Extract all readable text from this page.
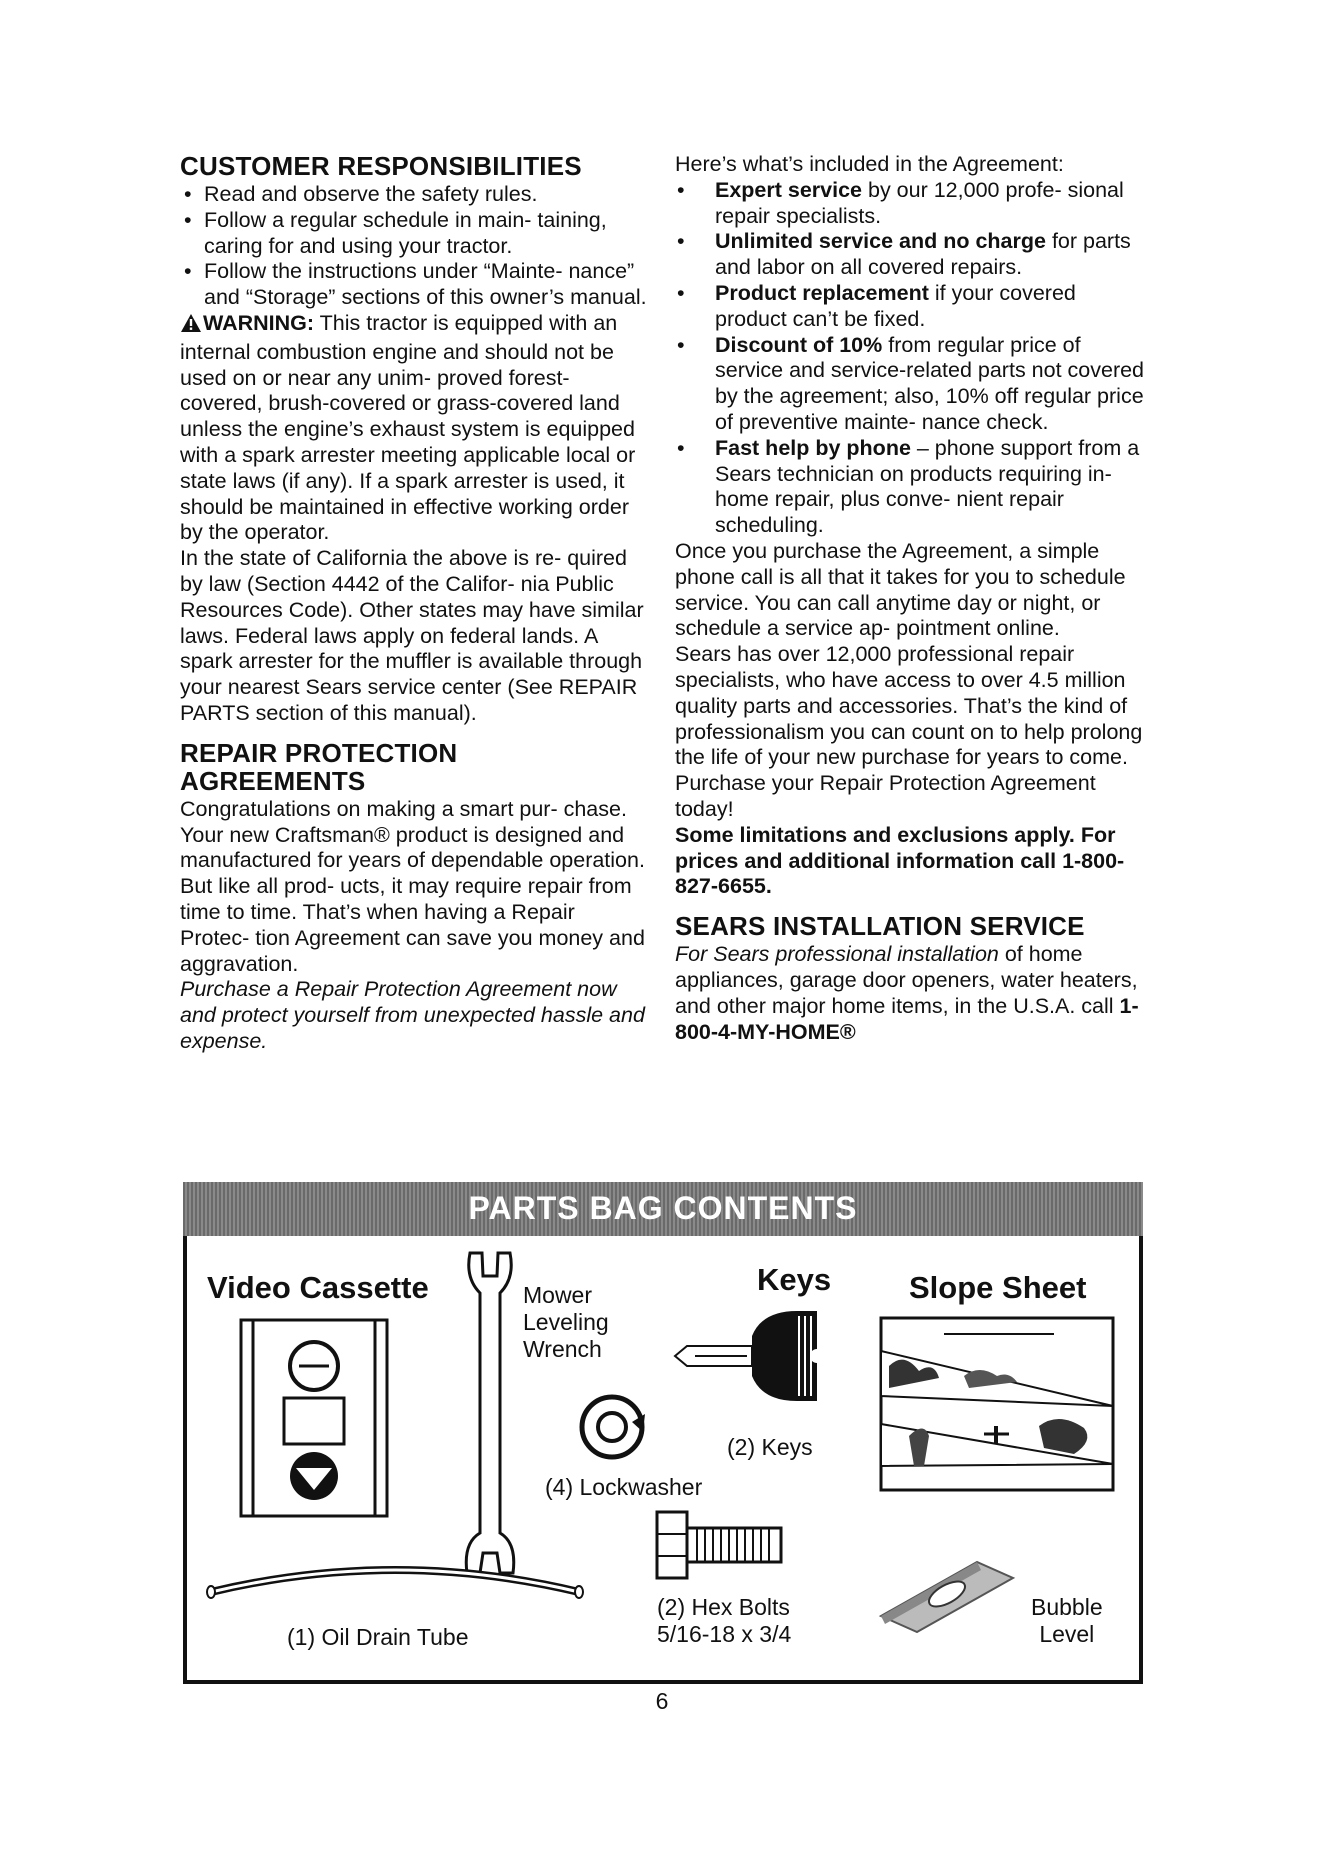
CUSTOMER RESPONSIBILITIES
• Read and observe the safety rules.
• Follow a regular schedule in main- taining, caring for and using your tractor.
• Follow the instructions under “Mainte- nance” and “Storage” sections of this owner’s manual.

WARNING: This tractor is equipped with an internal combustion engine and should not be used on or near any unim- proved forest-covered, brush-covered or grass-covered land unless the engine’s exhaust system is equipped with a spark arrester meeting applicable local or state laws (if any). If a spark arrester is used, it should be maintained in effective working order by the operator.

In the state of California the above is re- quired by law (Section 4442 of the Califor- nia Public Resources Code). Other states may have similar laws. Federal laws apply on federal lands. A spark arrester for the muffler is available through your nearest Sears service center (See REPAIR PARTS section of this manual).

REPAIR PROTECTION
AGREEMENTS

Congratulations on making a smart pur- chase. Your new Craftsman® product is designed and manufactured for years of dependable operation. But like all prod- ucts, it may require repair from time to time. That’s when having a Repair Protec- tion Agreement can save you money and aggravation.

Purchase a Repair Protection Agreement now and protect yourself from unexpected hassle and expense.

Here’s what’s included in the Agreement:

• Expert service by our 12,000 profe- sional repair specialists.
• Unlimited service and no charge for parts and labor on all covered repairs.
• Product replacement if your covered product can’t be fixed.
• Discount of 10% from regular price of service and service-related parts not covered by the agreement; also, 10% off regular price of preventive mainte- nance check.
• Fast help by phone – phone support from a Sears technician on products requiring in-home repair, plus conve- nient repair scheduling.

Once you purchase the Agreement, a simple phone call is all that it takes for you to schedule service. You can call anytime day or night, or schedule a service ap- pointment online.

Sears has over 12,000 professional repair specialists, who have access to over 4.5 million quality parts and accessories. That’s the kind of professionalism you can count on to help prolong the life of your new purchase for years to come. Purchase your Repair Protection Agreement today!

Some limitations and exclusions apply. For prices and additional information call 1-800-827-6655.

SEARS INSTALLATION SERVICE

For Sears professional installation of home appliances, garage door openers, water heaters, and other major home items, in the U.S.A. call 1-800-4-MY-HOME®

PARTS BAG CONTENTS
Video Cassette	Mower
Leveling
Wrench
Keys
(2) Keys
(4) Lockwasher
Slope Sheet
(1) Oil Drain Tube
(2) Hex Bolts
5/16-18 x 3/4
Bubble
Level
6
